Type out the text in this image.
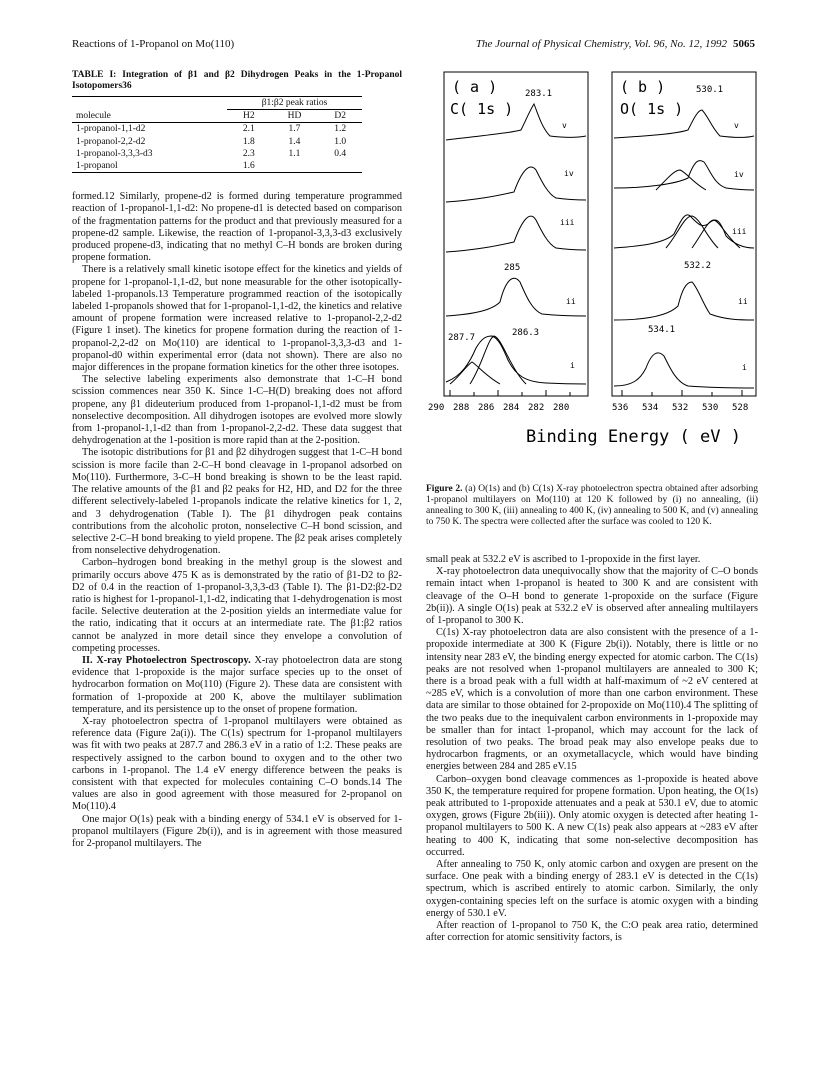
Reactions of 1-Propanol on Mo(110)	The Journal of Physical Chemistry, Vol. 96, No. 12, 1992 5065
TABLE I: Integration of β1 and β2 Dihydrogen Peaks in the 1-Propanol Isotopomers36
	β1:β2 peak ratios		
molecule	H2	HD	D2
1-propanol-1,1-d2	2.1	1.7	1.2
1-propanol-2,2-d2	1.8	1.4	1.0
1-propanol-3,3,3-d3	2.3	1.1	0.4
1-propanol	1.6		

formed.12 Similarly, propene-d2 is formed during temperature programmed reaction of 1-propanol-1,1-d2: No propene-d1 is detected based on comparison of the fragmentation patterns for the product and that previously measured for a propene-d2 sample. Likewise, the reaction of 1-propanol-3,3,3-d3 exclusively produced propene-d3, indicating that no methyl C–H bonds are broken during propene formation.

There is a relatively small kinetic isotope effect for the kinetics and yields of propene for 1-propanol-1,1-d2, but none measurable for the other isotopically-labeled 1-propanols.13 Temperature programmed reaction of the isotopically labeled 1-propanols showed that for 1-propanol-1,1-d2, the kinetics and relative amount of propene formation were increased relative to 1-propanol-2,2-d2 (Figure 1 inset). The kinetics for propene formation during the reaction of 1-propanol-2,2-d2 on Mo(110) are identical to 1-propanol-3,3,3-d3 and 1-propanol-d0 within experimental error (data not shown). There are also no major differences in the propane formation kinetics for the other three isotopes.

The selective labeling experiments also demonstrate that 1-C–H bond scission commences near 350 K. Since 1-C–H(D) breaking does not afford propene, any β1 dideuterium produced from 1-propanol-1,1-d2 must be from nonselective decomposition. All dihydrogen isotopes are evolved more slowly from 1-propanol-1,1-d2 than from 1-propanol-2,2-d2. These data suggest that dehydrogenation at the 1-position is more rapid than at the 2-position.

The isotopic distributions for β1 and β2 dihydrogen suggest that 1-C–H bond scission is more facile than 2-C–H bond cleavage in 1-propanol adsorbed on Mo(110). Furthermore, 3-C–H bond breaking is shown to be the least rapid. The relative amounts of the β1 and β2 peaks for H2, HD, and D2 for the three different selectively-labeled 1-propanols indicate the relative kinetics for 1, 2, and 3 dehydrogenation (Table I). The β1 dihydrogen peak contains contributions from the alcoholic proton, nonselective C–H bond scission, and selective 2-C–H bond breaking to yield propene. The β2 peak arises completely from nonselective dehydrogenation.

Carbon–hydrogen bond breaking in the methyl group is the slowest and primarily occurs above 475 K as is demonstrated by the ratio of β1-D2 to β2-D2 of 0.4 in the reaction of 1-propanol-3,3,3-d3 (Table I). The β1-D2:β2-D2 ratio is highest for 1-propanol-1,1-d2, indicating that 1-dehydrogenation is most facile. Selective deuteration at the 2-position yields an intermediate value for the ratio, indicating that it occurs at an intermediate rate. The β1:β2 ratios cannot be analyzed in more detail since they envelope a convolution of competing processes.

II. X-ray Photoelectron Spectroscopy. X-ray photoelectron data are stong evidence that 1-propoxide is the major surface species up to the onset of hydrocarbon formation on Mo(110) (Figure 2). These data are consistent with formation of 1-propoxide at 200 K, above the multilayer sublimation temperature, and its persistence up to the onset of propene formation.

X-ray photoelectron spectra of 1-propanol multilayers were obtained as reference data (Figure 2a(i)). The C(1s) spectrum for 1-propanol multilayers was fit with two peaks at 287.7 and 286.3 eV in a ratio of 1:2. These peaks are respectively assigned to the carbon bound to oxygen and to the other two carbons in 1-propanol. The 1.4 eV energy difference between the peaks is consistent with that expected for molecules containing C–O bonds.14 The values are also in good agreement with those measured for 2-propanol on Mo(110).4

One major O(1s) peak with a binding energy of 534.1 eV is observed for 1-propanol multilayers (Figure 2b(i)), and is in agreement with those measured for 2-propanol multilayers. The

( a )
C( 1s )
( b )
O( 1s )
283.1
285
287.7	286.3
530.1
532.2
534.1
v
iv
iii
ii
i
v
iv
iii
ii
i
290 288 286 284 282 280	536 534 532 530 528
Binding Energy ( eV )
Figure 2. (a) O(1s) and (b) C(1s) X-ray photoelectron spectra obtained after adsorbing 1-propanol multilayers on Mo(110) at 120 K followed by (i) no annealing, (ii) annealing to 300 K, (iii) annealing to 400 K, (iv) annealing to 500 K, and (v) annealing to 750 K. The spectra were collected after the surface was cooled to 120 K.

small peak at 532.2 eV is ascribed to 1-propoxide in the first layer.

X-ray photoelectron data unequivocally show that the majority of C–O bonds remain intact when 1-propanol is heated to 300 K and are consistent with cleavage of the O–H bond to generate 1-propoxide on the surface (Figure 2b(ii)). A single O(1s) peak at 532.2 eV is observed after annealing multilayers of 1-propanol to 300 K.

C(1s) X-ray photoelectron data are also consistent with the presence of a 1-propoxide intermediate at 300 K (Figure 2b(i)). Notably, there is little or no intensity near 283 eV, the binding energy expected for atomic carbon. The C(1s) peaks are not resolved when 1-propanol multilayers are annealed to 300 K; there is a broad peak with a full width at half-maximum of ~2 eV centered at ~285 eV, which is a convolution of more than one carbon environment. These data are similar to those obtained for 2-propoxide on Mo(110).4 The splitting of the two peaks due to the inequivalent carbon environments in 1-propoxide may be smaller than for intact 1-propanol, which may account for the lack of resolution of two peaks. The broad peak may also envelope peaks due to hydrocarbon fragments, or an oxymetallacycle, which would have binding energies between 284 and 285 eV.15

Carbon–oxygen bond cleavage commences as 1-propoxide is heated above 350 K, the temperature required for propene formation. Upon heating, the O(1s) peak attributed to 1-propoxide attenuates and a peak at 530.1 eV, due to atomic oxygen, grows (Figure 2b(iii)). Only atomic oxygen is detected after heating 1-propanol multilayers to 500 K. A new C(1s) peak also appears at ~283 eV after heating to 400 K, indicating that some non-selective decomposition has occurred.

After annealing to 750 K, only atomic carbon and oxygen are present on the surface. One peak with a binding energy of 283.1 eV is detected in the C(1s) spectrum, which is ascribed entirely to atomic carbon. Similarly, the only oxygen-containing species left on the surface is atomic oxygen with a binding energy of 530.1 eV.

After reaction of 1-propanol to 750 K, the C:O peak area ratio, determined after correction for atomic sensitivity factors, is
